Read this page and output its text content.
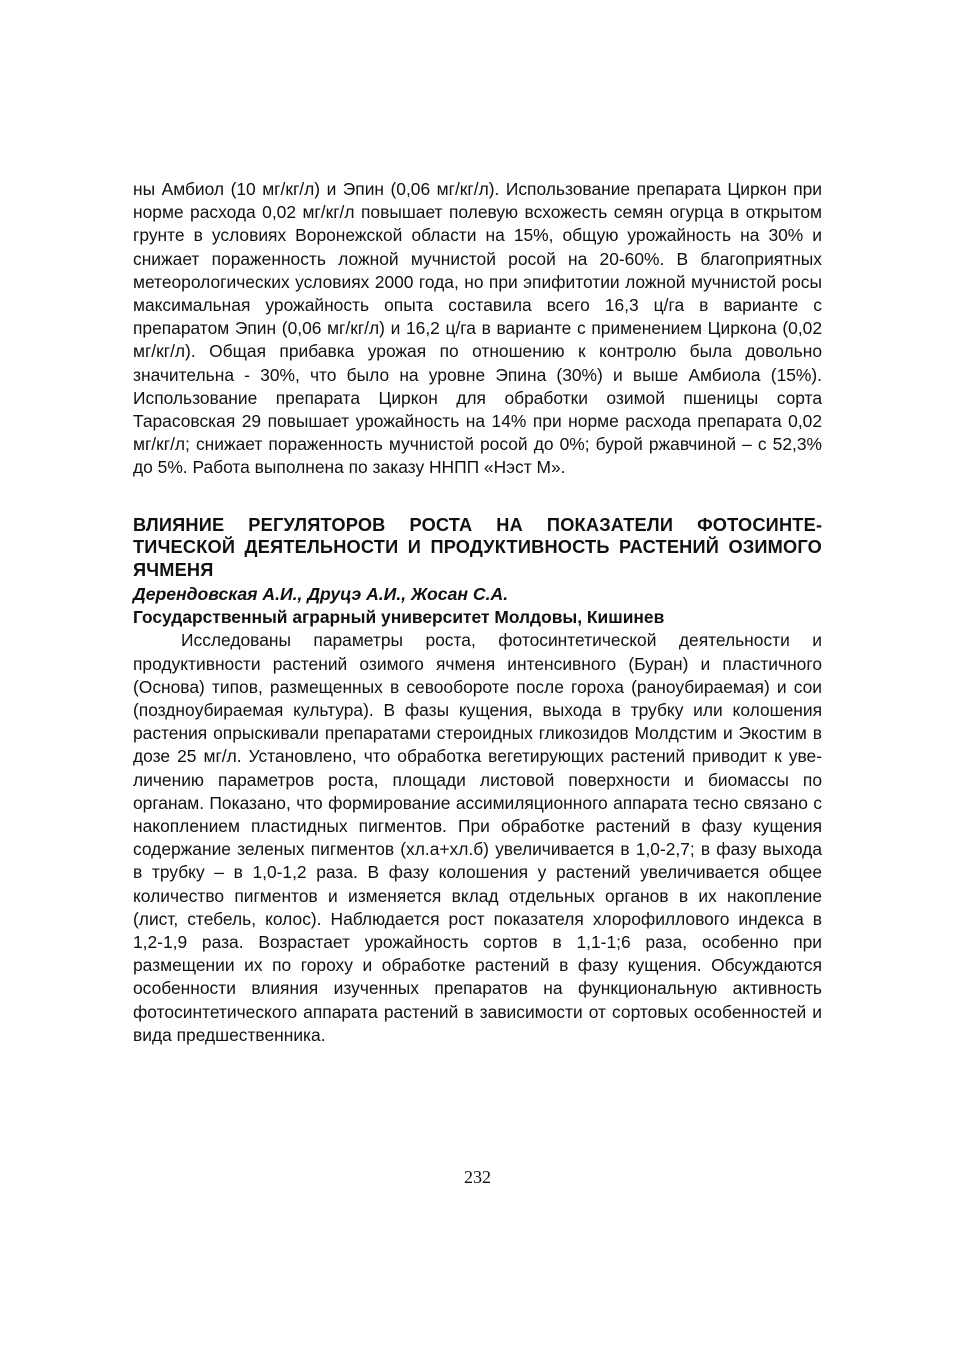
ны Амбиол (10 мг/кг/л) и Эпин (0,06 мг/кг/л). Использование препарата Циркон при норме расхода 0,02 мг/кг/л повышает полевую всхожесть семян огурца в открытом грунте в условиях Воронежской области на 15%, общую урожайность на 30% и снижает пораженность ложной мучнистой росой на 20-60%. В благоприятных метеорологических условиях 2000 года, но при эпифитотии ложной мучнистой росы максимальная урожайность опыта составила всего 16,3 ц/га в варианте с препаратом Эпин (0,06 мг/кг/л) и 16,2 ц/га в варианте с применением Циркона (0,02 мг/кг/л). Общая прибавка урожая по отношению к контролю была довольно значительна - 30%, что было на уровне Эпина (30%) и выше Амбиола (15%). Использование препарата Циркон для обработки озимой пшеницы сорта Тарасовская 29 повышает урожайность на 14% при норме расхода препарата 0,02 мг/кг/л; снижает пораженность мучнистой росой до 0%; бурой ржавчиной – с 52,3% до 5%. Работа выполнена по заказу ННПП «Нэст М».

ВЛИЯНИЕ РЕГУЛЯТОРОВ РОСТА НА ПОКАЗАТЕЛИ ФОТОСИНТЕТИЧЕСКОЙ ДЕЯТЕЛЬНОСТИ И ПРОДУКТИВНОСТЬ РАСТЕНИЙ ОЗИМОГО ЯЧМЕНЯ

Дерендовская А.И., Друцэ А.И., Жосан С.А.

Государственный аграрный университет Молдовы, Кишинев

Исследованы параметры роста, фотосинтетической деятельности и продуктивности растений озимого ячменя интенсивного (Буран) и пластичного (Основа) типов, размещенных в севообороте после гороха (раноубираемая) и сои (позднoубираемая культура). В фазы кущения, выхода в трубку или колошения растения опрыскивали препаратами стероидных гликозидов Молдстим и Экостим в дозе 25 мг/л. Установлено, что обработка вегетирующих растений приводит к увеличению параметров роста, площади листовой поверхности и биомассы по органам. Показано, что формирование ассимиляционного аппарата тесно связано с накоплением пластидных пигментов. При обработке растений в фазу кущения содержание зеленых пигментов (хл.а+хл.б) увеличивается в 1,0-2,7; в фазу выхода в трубку – в 1,0-1,2 раза. В фазу колошения у растений увеличивается общее количество пигментов и изменяется вклад отдельных органов в их накопление (лист, стебель, колос). Наблюдается рост показателя хлорофиллового индекса в 1,2-1,9 раза. Возрастает урожайность сортов в 1,1-1;6 раза, особенно при размещении их по гороху и обработке растений в фазу кущения. Обсуждаются особенности влияния изученных препаратов на функциональную активность фотосинтетического аппарата растений в зависимости от сортовых особенностей и вида предшественника.

232
